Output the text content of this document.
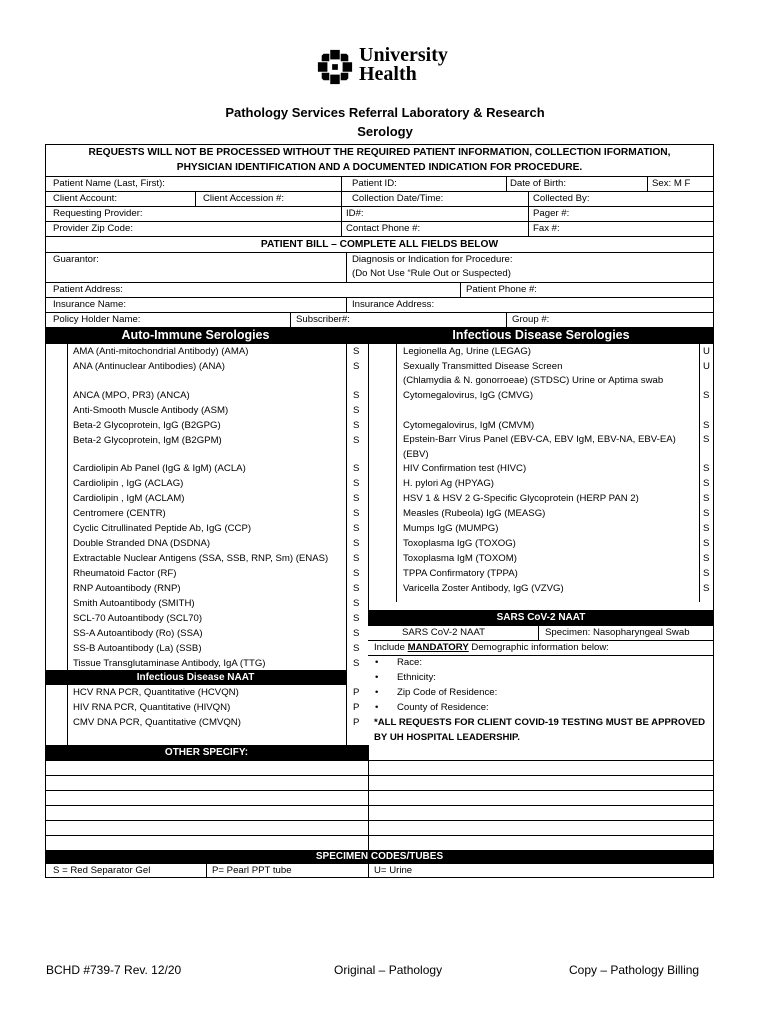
University
Health
Pathology Services Referral Laboratory & Research
Serology
REQUESTS WILL NOT BE PROCESSED WITHOUT THE REQUIRED PATIENT INFORMATION, COLLECTION IFORMATION,
PHYSICIAN IDENTIFICATION AND A DOCUMENTED INDICATION FOR PROCEDURE.
Patient Name (Last, First):	Patient ID:	Date of Birth:	Sex: M F
Client Account:	Client Accession #:	Collection Date/Time:	Collected By:
Requesting Provider:	ID#:	Pager #:
Provider Zip Code:	Contact Phone #:	Fax #:
PATIENT BILL – COMPLETE ALL FIELDS BELOW
Guarantor:	Diagnosis or Indication for Procedure:
(Do Not Use “Rule Out or Suspected)
Patient Address:	Patient Phone #:
Insurance Name:	Insurance Address:
Policy Holder Name:	Subscriber#:	Group #:
Auto-Immune Serologies	Infectious Disease Serologies
AMA (Anti-mitochondrial Antibody) (AMA)	S
ANA (Antinuclear Antibodies) (ANA)	S
ANCA (MPO, PR3) (ANCA)	S
Anti-Smooth Muscle Antibody (ASM)	S
Beta-2 Glycoprotein, IgG (B2GPG)	S
Beta-2 Glycoprotein, IgM (B2GPM)	S
Cardiolipin Ab Panel (IgG & IgM) (ACLA)	S
Cardiolipin , IgG (ACLAG)	S
Cardiolipin , IgM (ACLAM)	S
Centromere (CENTR)	S
Cyclic Citrullinated Peptide Ab, IgG (CCP)	S
Double Stranded DNA (DSDNA)	S
Extractable Nuclear Antigens (SSA, SSB, RNP, Sm) (ENAS)	S
Rheumatoid Factor (RF)	S
RNP Autoantibody (RNP)	S
Smith Autoantibody (SMITH)	S
SCL-70 Autoantibody (SCL70)	S
SS-A Autoantibody (Ro) (SSA)	S
SS-B Autoantibody (La) (SSB)	S
Tissue Transglutaminase Antibody, IgA (TTG)	S
Infectious Disease NAAT
HCV RNA PCR, Quantitative (HCVQN)	P
HIV RNA PCR, Quantitative (HIVQN)	P
CMV DNA PCR, Quantitative (CMVQN)	P
OTHER SPECIFY:
Legionella Ag, Urine (LEGAG)	U
Sexually Transmitted Disease Screen	U
(Chlamydia & N. gonorroeae) (STDSC) Urine or Aptima swab
Cytomegalovirus, IgG (CMVG)	S
Cytomegalovirus, IgM (CMVM)	S
Epstein-Barr Virus Panel (EBV-CA, EBV IgM, EBV-NA, EBV-EA)	S
(EBV)
HIV Confirmation test (HIVC)	S
H. pylori Ag (HPYAG)	S
HSV 1 & HSV 2 G-Specific Glycoprotein (HERP PAN 2)	S
Measles (Rubeola) IgG (MEASG)	S
Mumps IgG (MUMPG)	S
Toxoplasma IgG (TOXOG)	S
Toxoplasma IgM (TOXOM)	S
TPPA Confirmatory (TPPA)	S
Varicella Zoster Antibody, IgG (VZVG)	S
SARS CoV-2 NAAT
SARS CoV-2 NAAT	Specimen: Nasopharyngeal Swab
Include MANDATORY Demographic information below:
• Race:
• Ethnicity:
• Zip Code of Residence:
• County of Residence:
*ALL REQUESTS FOR CLIENT COVID-19 TESTING MUST BE APPROVED
BY UH HOSPITAL LEADERSHIP.
SPECIMEN CODES/TUBES
S = Red Separator Gel	P= Pearl PPT tube	U= Urine
BCHD #739-7 Rev. 12/20	Original – Pathology	Copy – Pathology Billing
